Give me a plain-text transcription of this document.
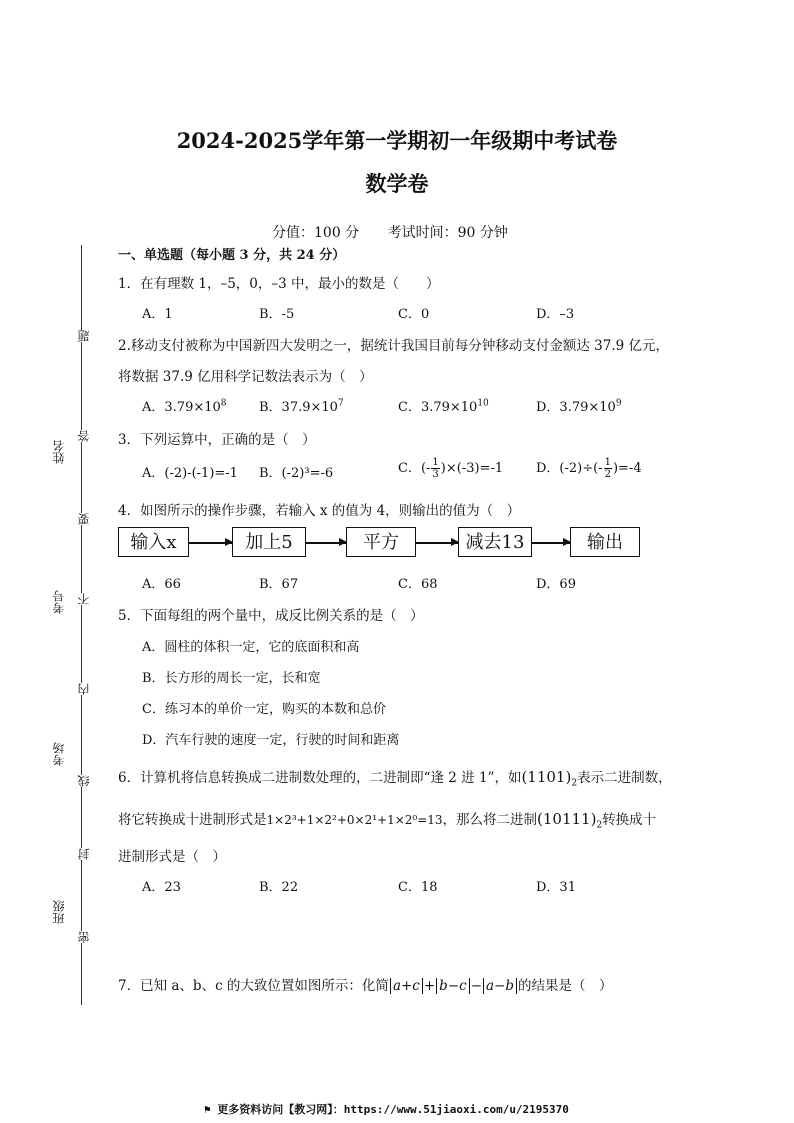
2024-2025学年第一学期初一年级期中考试卷
数学卷
分值：100 分 考试时间：90 分钟
一、单选题（每小题 3 分，共 24 分）
1．在有理数 1，–5，0，–3 中，最小的数是（　　）
A．1	B．-5	C．0	D．–3
2.移动支付被称为中国新四大发明之一，据统计我国目前每分钟移动支付金额达 37.9 亿元，
将数据 37.9 亿用科学记数法表示为（　）
A．$3.79\times 10^8$ B．$37.9\times 10^7$	C．$3.79\times 10^{10}$	D．$3.79\times 10^9$
3．下列运算中，正确的是（　）
A．(-2)-(-1)=-1 B．(-2)³=-6	C．(- $\frac{1}{3} )\times(-3)=-1$	D．$(-2)\div(- \frac{1}{2} )=-4$
4．如图所示的操作步骤，若输入 x 的值为 4，则输出的值为（　）
输入x	加上5	平方	减去13	输出
A．66	B．67	C．68	D．69
5．下面每组的两个量中，成反比例关系的是（　）
A．圆柱的体积一定，它的底面积和高
B．长方形的周长一定，长和宽
C．练习本的单价一定，购买的本数和总价
D．汽车行驶的速度一定，行驶的时间和距离
6．计算机将信息转换成二进制数处理的，二进制即“逢 2 进 1”，如$(1101)_2$表示二进制数，
将它转换成十进制形式是1×2³+1×2²+0×2¹+1×2⁰=13，那么将二进制$(10111)_2$转换成十
进制形式是（　）
A．23	B．22	C．18	D．31
7．已知 a、b、c 的大致位置如图所示：化简 a+c + b−c − a−b 的结果是（　）
题
答
要
不
内
线
封
密
姓名
考号
考场
班级
⚑ 更多资料访问【教习网】：https://www.51jiaoxi.com/u/2195370
